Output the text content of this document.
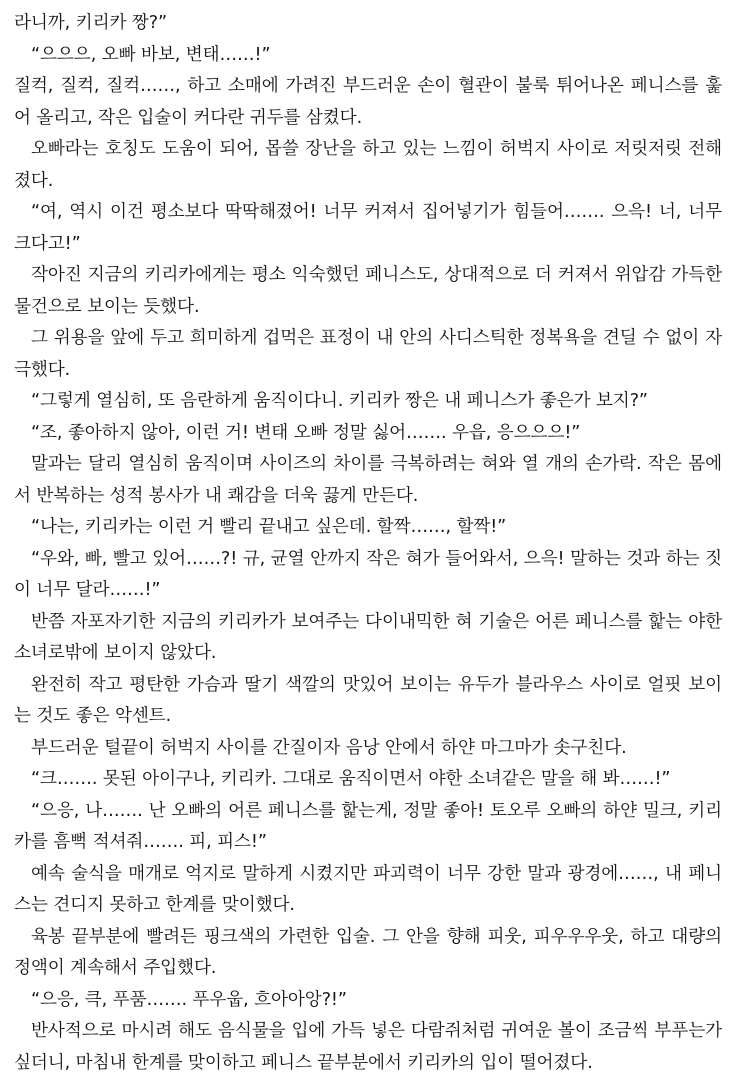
라니까, 키리카 짱?”

“으으으, 오빠 바보, 변태……!”

질컥, 질컥, 질컥……, 하고 소매에 가려진 부드러운 손이 혈관이 불룩 튀어나온 페니스를 훑어 올리고, 작은 입술이 커다란 귀두를 삼켰다.

오빠라는 호칭도 도움이 되어, 몹쓸 장난을 하고 있는 느낌이 허벅지 사이로 저릿저릿 전해졌다.

“여, 역시 이건 평소보다 딱딱해졌어! 너무 커져서 집어넣기가 힘들어……. 으윽! 너, 너무 크다고!”

작아진 지금의 키리카에게는 평소 익숙했던 페니스도, 상대적으로 더 커져서 위압감 가득한 물건으로 보이는 듯했다.

그 위용을 앞에 두고 희미하게 겁먹은 표정이 내 안의 사디스틱한 정복욕을 견딜 수 없이 자극했다.

“그렇게 열심히, 또 음란하게 움직이다니. 키리카 짱은 내 페니스가 좋은가 보지?”

“조, 좋아하지 않아, 이런 거! 변태 오빠 정말 싫어……. 우읍, 응으으으!”

말과는 달리 열심히 움직이며 사이즈의 차이를 극복하려는 혀와 열 개의 손가락. 작은 몸에서 반복하는 성적 봉사가 내 쾌감을 더욱 끓게 만든다.

“나는, 키리카는 이런 거 빨리 끝내고 싶은데. 할짝……, 할짝!”

“우와, 빠, 빨고 있어……?! 규, 균열 안까지 작은 혀가 들어와서, 으윽! 말하는 것과 하는 짓이 너무 달라……!”

반쯤 자포자기한 지금의 키리카가 보여주는 다이내믹한 혀 기술은 어른 페니스를 핥는 야한 소녀로밖에 보이지 않았다.

완전히 작고 평탄한 가슴과 딸기 색깔의 맛있어 보이는 유두가 블라우스 사이로 얼핏 보이는 것도 좋은 악센트.

부드러운 털끝이 허벅지 사이를 간질이자 음낭 안에서 하얀 마그마가 솟구친다.

“크……. 못된 아이구나, 키리카. 그대로 움직이면서 야한 소녀같은 말을 해 봐……!”

“으응, 나……. 난 오빠의 어른 페니스를 핥는게, 정말 좋아! 토오루 오빠의 하얀 밀크, 키리카를 흠뻑 적셔줘……. 피, 피스!”

예속 술식을 매개로 억지로 말하게 시켰지만 파괴력이 너무 강한 말과 광경에……, 내 페니스는 견디지 못하고 한계를 맞이했다.

육봉 끝부분에 빨려든 핑크색의 가련한 입술. 그 안을 향해 피웃, 피우우우웃, 하고 대량의 정액이 계속해서 주입했다.

“으응, 큭, 푸품……. 푸우웁, 흐아아앙?!”

반사적으로 마시려 해도 음식물을 입에 가득 넣은 다람쥐처럼 귀여운 볼이 조금씩 부푸는가 싶더니, 마침내 한계를 맞이하고 페니스 끝부분에서 키리카의 입이 떨어졌다.
